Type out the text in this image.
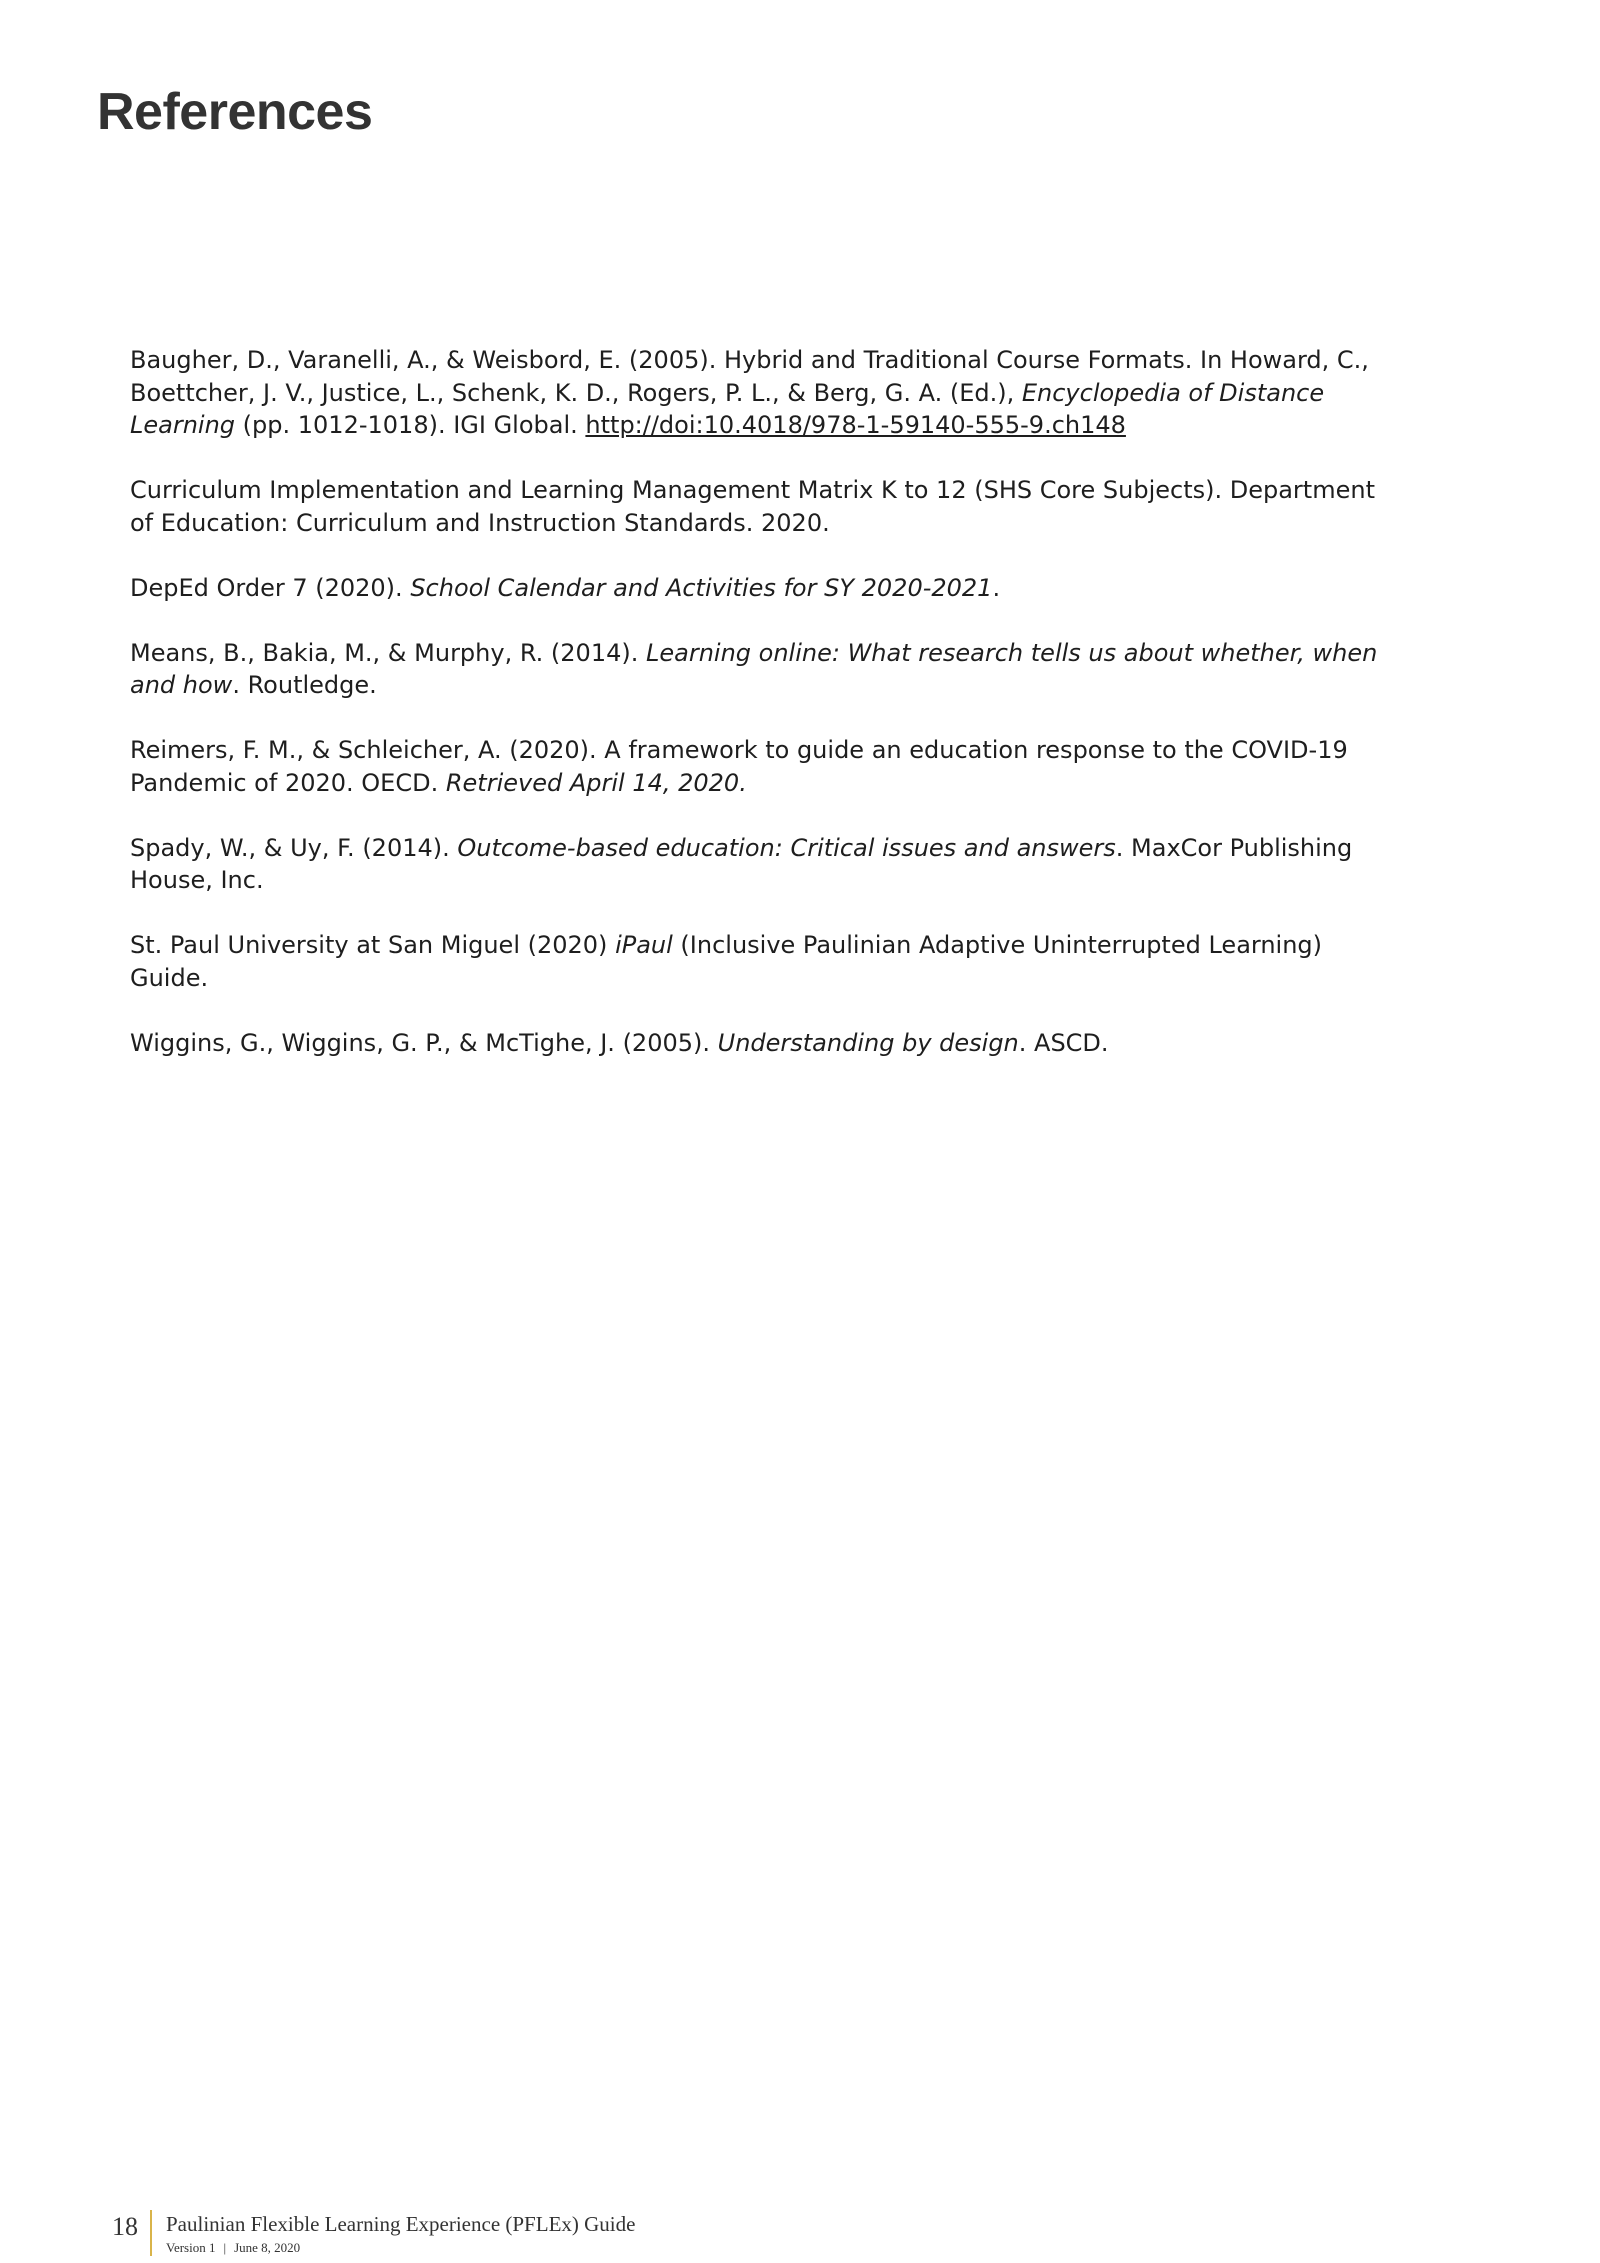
References
Baugher, D., Varanelli, A., & Weisbord, E. (2005). Hybrid and Traditional Course Formats. In Howard, C., Boettcher, J. V., Justice, L., Schenk, K. D., Rogers, P. L., & Berg, G. A. (Ed.), Encyclopedia of Distance Learning (pp. 1012-1018). IGI Global. http://doi:10.4018/978-1-59140-555-9.ch148
Curriculum Implementation and Learning Management Matrix K to 12 (SHS Core Subjects). Department of Education: Curriculum and Instruction Standards. 2020.
DepEd Order 7 (2020). School Calendar and Activities for SY 2020-2021.
Means, B., Bakia, M., & Murphy, R. (2014). Learning online: What research tells us about whether, when and how. Routledge.
Reimers, F. M., & Schleicher, A. (2020). A framework to guide an education response to the COVID-19 Pandemic of 2020. OECD. Retrieved April 14, 2020.
Spady, W., & Uy, F. (2014). Outcome-based education: Critical issues and answers. MaxCor Publishing House, Inc.
St. Paul University at San Miguel (2020) iPaul (Inclusive Paulinian Adaptive Uninterrupted Learning) Guide.
Wiggins, G., Wiggins, G. P., & McTighe, J. (2005). Understanding by design. ASCD.
18 Paulinian Flexible Learning Experience (PFLEx) Guide
Version 1 | June 8, 2020
